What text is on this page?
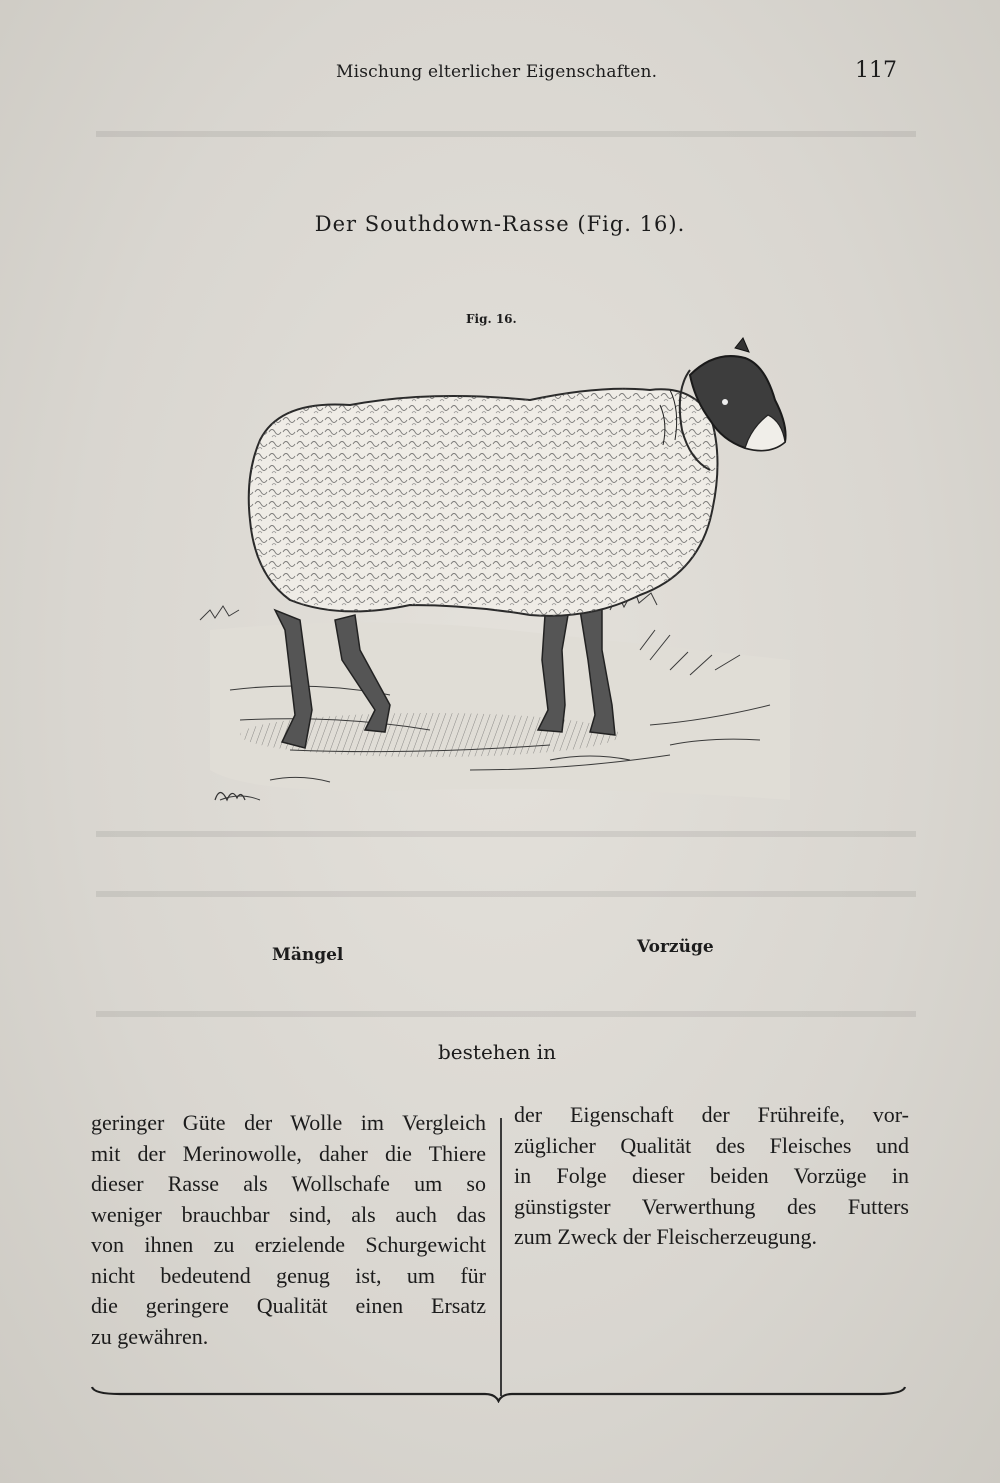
▬▬▬▬▬▬▬▬▬▬▬▬▬▬▬▬▬▬▬▬▬▬▬▬▬▬▬▬▬▬▬▬▬▬▬▬▬▬▬▬▬
▬▬▬▬▬▬▬▬▬▬▬▬▬▬▬▬▬▬▬▬▬▬▬▬▬▬▬▬▬▬▬▬▬▬▬▬▬▬▬▬▬
▬▬▬▬▬▬▬▬▬▬▬▬▬▬▬▬▬▬▬▬▬▬▬▬▬▬▬▬▬▬▬▬▬▬▬▬▬▬▬▬▬
▬▬▬▬▬▬▬▬▬▬▬▬▬▬▬▬▬▬▬▬▬▬▬▬▬▬▬▬▬▬▬▬▬▬▬▬▬▬▬▬▬

Mischung elterlicher Eigenschaften.	117

Der Southdown-Rasse (Fig. 16).

Fig. 16.

Mängel	Vorzüge

bestehen in

geringer Güte der Wolle im Vergleich
mit der Merinowolle, daher die Thiere
dieser Rasse als Wollschafe um so
weniger brauchbar sind, als auch das
von ihnen zu erzielende Schurgewicht
nicht bedeutend genug ist, um für
die geringere Qualität einen Ersatz
zu gewähren.
der Eigenschaft der Frühreife, vor-
züglicher Qualität des Fleisches und
in Folge dieser beiden Vorzüge in
günstigster Verwerthung des Futters
zum Zweck der Fleischerzeugung.
